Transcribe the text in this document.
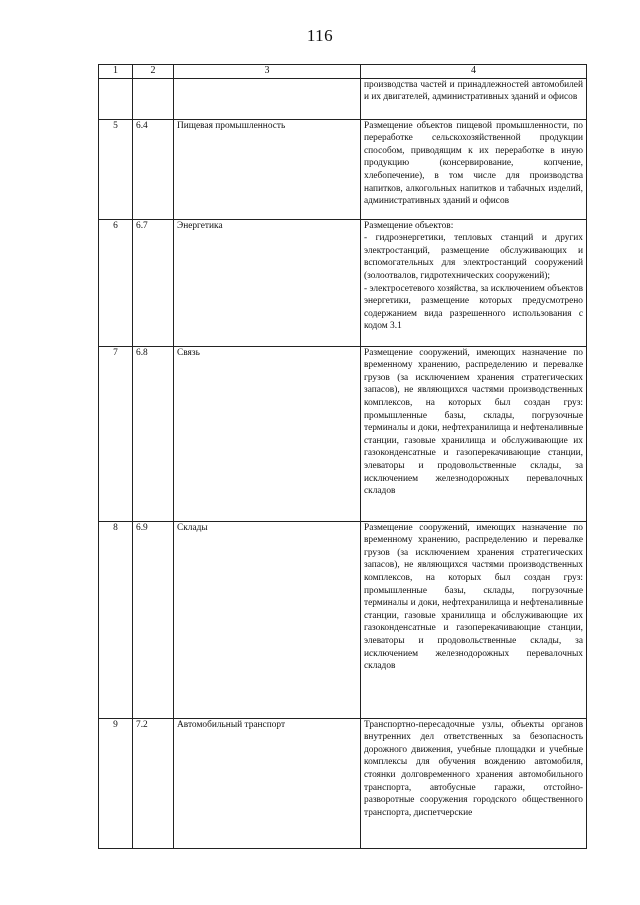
116
1	2	3	4

			производства частей и принадлежностей автомобилей и их двигателей, административных зданий и офисов

5	6.4	Пищевая промышленность	Размещение объектов пищевой промышленности, по переработке сельскохозяйственной продукции способом, приводящим к их переработке в иную продукцию (консервирование, копчение, хлебопечение), в том числе для производства напитков, алкогольных напитков и табачных изделий, административных зданий и офисов

6	6.7	Энергетика	Размещение объектов:
- гидроэнергетики, тепловых станций и других электростанций, размещение обслуживающих и вспомогательных для электростанций сооружений (золоотвалов, гидротехнических сооружений);
- электросетевого хозяйства, за исключением объектов энергетики, размещение которых предусмотрено содержанием вида разрешенного использования с кодом 3.1

7	6.8	Связь	Размещение сооружений, имеющих назначение по временному хранению, распределению и перевалке грузов (за исключением хранения стратегических запасов), не являющихся частями производственных комплексов, на которых был создан груз: промышленные базы, склады, погрузочные терминалы и доки, нефтехранилища и нефтеналивные станции, газовые хранилища и обслуживающие их газоконденсатные и газоперекачивающие станции, элеваторы и продовольственные склады, за исключением железнодорожных перевалочных складов

8	6.9	Склады	Размещение сооружений, имеющих назначение по временному хранению, распределению и перевалке грузов (за исключением хранения стратегических запасов), не являющихся частями производственных комплексов, на которых был создан груз: промышленные базы, склады, погрузочные терминалы и доки, нефтехранилища и нефтеналивные станции, газовые хранилища и обслуживающие их газоконденсатные и газоперекачивающие станции, элеваторы и продовольственные склады, за исключением железнодорожных перевалочных складов

9	7.2	Автомобильный транспорт	Транспортно-пересадочные узлы, объекты органов внутренних дел ответственных за безопасность дорожного движения, учебные площадки и учебные комплексы для обучения вождению автомобиля, стоянки долговременного хранения автомобильного транспорта, автобусные гаражи, отстойно-разворотные сооружения городского общественного транспорта, диспетчерские
